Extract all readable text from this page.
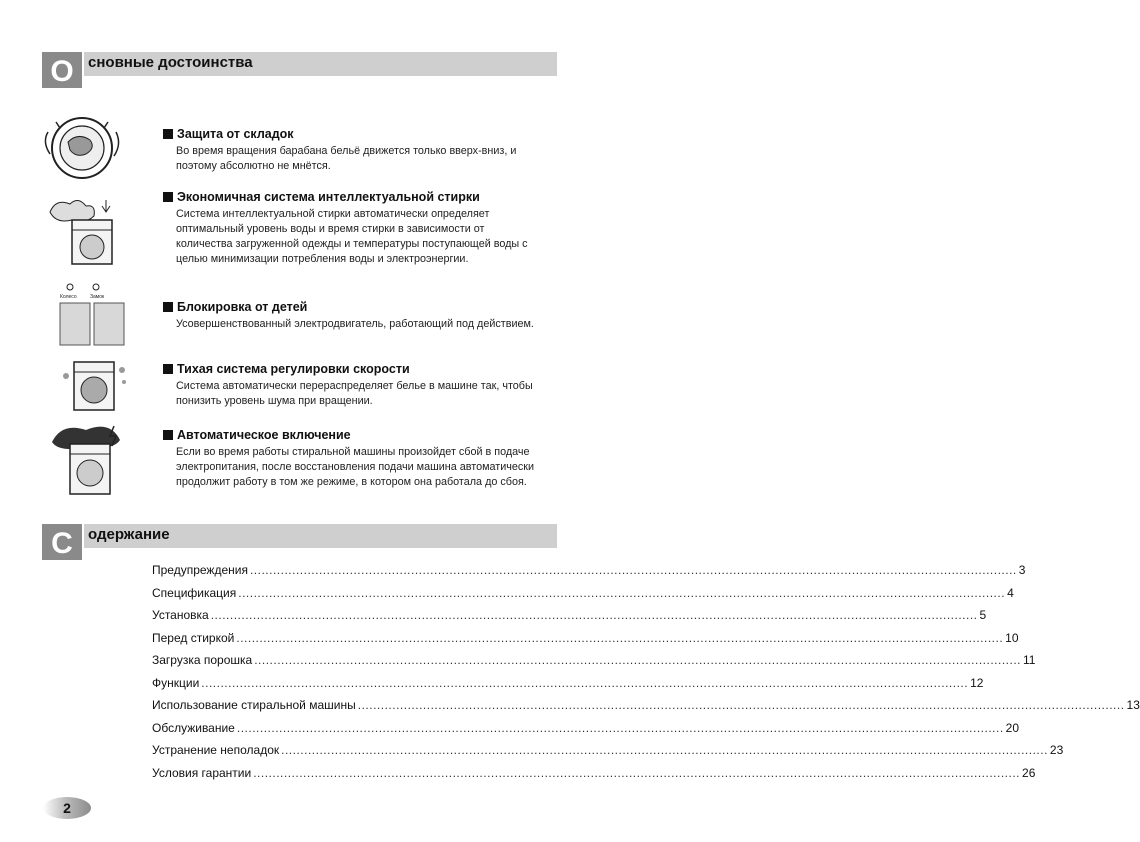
О сновные достоинства
Колесо	Замок
Защита от складок
Во время вращения барабана бельё движется только вверх-вниз, и поэтому абсолютно не мнётся.
Экономичная система интеллектуальной стирки
Система интеллектуальной стирки автоматически определяет оптимальный уровень воды и время стирки в зависимости от количества загруженной одежды и температуры поступающей воды с целью минимизации потребления воды и электроэнергии.
Блокировка от детей
Усовершенствованный электродвигатель, работающий под действием.
Тихая система регулировки скорости
Система автоматически перераспределяет белье в машине так, чтобы понизить уровень шума при вращении.
Автоматическое включение
Если во время работы стиральной машины произойдет сбой в подаче электропитания, после восстановления подачи машина автоматически продолжит работу в том же режиме, в котором она работала до сбоя.
С	одержание
Предупреждения ........................................................................................................................................................................................................ 3
Спецификация ........................................................................................................................................................................................................ 4
Установка ........................................................................................................................................................................................................ 5
Перед стиркой ........................................................................................................................................................................................................ 10
Загрузка порошка ........................................................................................................................................................................................................ 11
Функции ........................................................................................................................................................................................................ 12
Использование стиральной машины ........................................................................................................................................................................................................ 13
Обслуживание ........................................................................................................................................................................................................ 20
Устранение неполадок ........................................................................................................................................................................................................ 23
Условия гарантии ........................................................................................................................................................................................................ 26
2
